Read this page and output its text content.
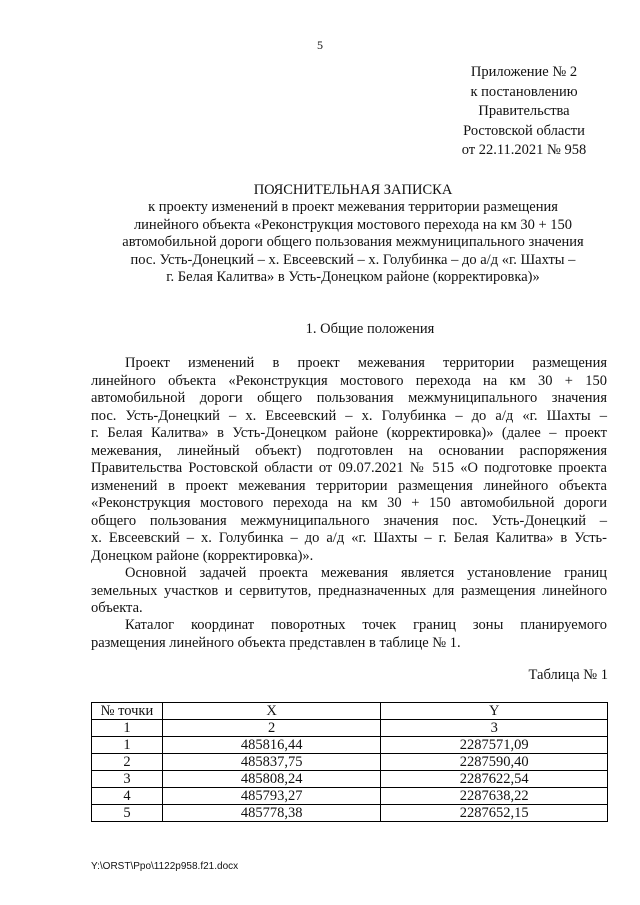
5
Приложение № 2
к постановлению
Правительства
Ростовской области
от 22.11.2021 № 958
ПОЯСНИТЕЛЬНАЯ ЗАПИСКА
к проекту изменений в проект межевания территории размещения
линейного объекта «Реконструкция мостового перехода на км 30 + 150
автомобильной дороги общего пользования межмуниципального значения
пос. Усть-Донецкий – х. Евсеевский – х. Голубинка – до а/д «г. Шахты –
г. Белая Калитва» в Усть-Донецком районе (корректировка)»
1. Общие положения
Проект изменений в проект межевания территории размещения
линейного объекта «Реконструкция мостового перехода на км 30 + 150
автомобильной дороги общего пользования межмуниципального значения
пос. Усть-Донецкий – х. Евсеевский – х. Голубинка – до а/д «г. Шахты –
г. Белая Калитва» в Усть-Донецком районе (корректировка)» (далее – проект
межевания, линейный объект) подготовлен на основании распоряжения
Правительства Ростовской области от 09.07.2021 № 515 «О подготовке проекта
изменений в проект межевания территории размещения линейного объекта
«Реконструкция мостового перехода на км 30 + 150 автомобильной дороги
общего пользования межмуниципального значения пос. Усть-Донецкий –
х. Евсеевский – х. Голубинка – до а/д «г. Шахты – г. Белая Калитва» в Усть-
Донецком районе (корректировка)».
Основной задачей проекта межевания является установление границ
земельных участков и сервитутов, предназначенных для размещения линейного
объекта.
Каталог координат поворотных точек границ зоны планируемого
размещения линейного объекта представлен в таблице № 1.
Таблица № 1
№ точки	X	Y
1	2	3
1	485816,44	2287571,09
2	485837,75	2287590,40
3	485808,24	2287622,54
4	485793,27	2287638,22
5	485778,38	2287652,15
Y:\ORST\Ppo\1122p958.f21.docx
